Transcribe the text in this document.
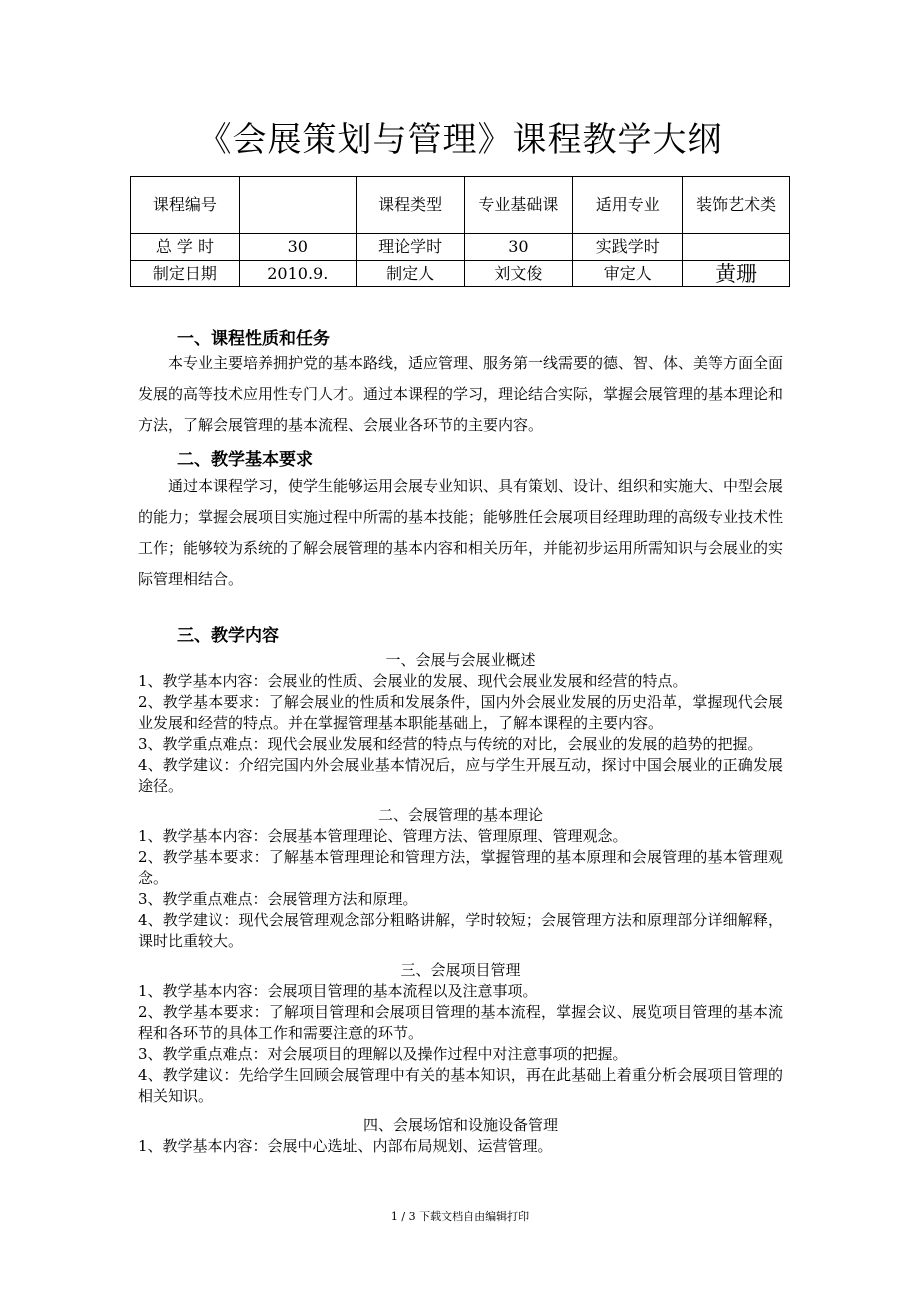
《会展策划与管理》课程教学大纲
课程编号		课程类型	专业基础课	适用专业	装饰艺术类
总 学 时	30	理论学时	30	实践学时	
制定日期	2010.9.	制定人	刘文俊	审定人	黄珊
一、课程性质和任务

本专业主要培养拥护党的基本路线，适应管理、服务第一线需要的德、智、体、美等方面全面发展的高等技术应用性专门人才。通过本课程的学习，理论结合实际，掌握会展管理的基本理论和方法，了解会展管理的基本流程、会展业各环节的主要内容。

二、教学基本要求

通过本课程学习，使学生能够运用会展专业知识、具有策划、设计、组织和实施大、中型会展的能力；掌握会展项目实施过程中所需的基本技能；能够胜任会展项目经理助理的高级专业技术性工作；能够较为系统的了解会展管理的基本内容和相关历年，并能初步运用所需知识与会展业的实际管理相结合。

三、教学内容

一、会展与会展业概述

1、教学基本内容：会展业的性质、会展业的发展、现代会展业发展和经营的特点。

2、教学基本要求：了解会展业的性质和发展条件，国内外会展业发展的历史沿革，掌握现代会展业发展和经营的特点。并在掌握管理基本职能基础上，了解本课程的主要内容。

3、教学重点难点：现代会展业发展和经营的特点与传统的对比，会展业的发展的趋势的把握。

4、教学建议：介绍完国内外会展业基本情况后，应与学生开展互动，探讨中国会展业的正确发展途径。

二、会展管理的基本理论

1、教学基本内容：会展基本管理理论、管理方法、管理原理、管理观念。

2、教学基本要求：了解基本管理理论和管理方法，掌握管理的基本原理和会展管理的基本管理观念。

3、教学重点难点：会展管理方法和原理。

4、教学建议：现代会展管理观念部分粗略讲解，学时较短；会展管理方法和原理部分详细解释，课时比重较大。

三、会展项目管理

1、教学基本内容：会展项目管理的基本流程以及注意事项。

2、教学基本要求：了解项目管理和会展项目管理的基本流程，掌握会议、展览项目管理的基本流程和各环节的具体工作和需要注意的环节。

3、教学重点难点：对会展项目的理解以及操作过程中对注意事项的把握。

4、教学建议：先给学生回顾会展管理中有关的基本知识，再在此基础上着重分析会展项目管理的相关知识。

四、会展场馆和设施设备管理

1、教学基本内容：会展中心选址、内部布局规划、运营管理。

1 / 3 下载文档自由编辑打印
